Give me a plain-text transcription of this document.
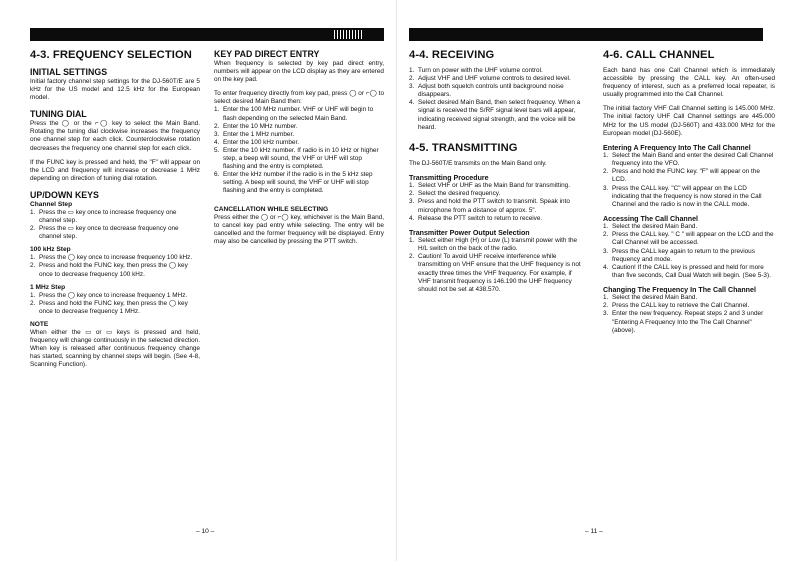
4-3. FREQUENCY SELECTION
INITIAL SETTINGS

Initial factory channel step settings for the DJ-560T/E are 5 kHz for the US model and 12.5 kHz for the European model.

TUNING DIAL

Press the ◯ or the ⌐◯ key to select the Main Band. Rotating the tuning dial clockwise increases the frequency one channel step for each click. Counterclockwise rotation decreases the frequency one channel step for each click.

If the FUNC key is pressed and held, the "F" will appear on the LCD and frequency will increase or decrease 1 MHz depending on direction of tuning dial rotation.

UP/DOWN KEYS
Channel Step
1. Press the ▭ key once to increase frequency one channel step.
2. Press the ▭ key once to decrease frequency one channel step.
100 kHz Step
1. Press the ◯ key once to increase frequency 100 kHz.
2. Press and hold the FUNC key, then press the ◯ key once to decrease frequency 100 kHz.
1 MHz Step
1. Press the ◯ key once to increase frequency 1 MHz.
2. Press and hold the FUNC key, then press the ◯ key once to decrease frequency 1 MHz.
NOTE

When either the ▭ or ▭ keys is pressed and held, frequency will change continuously in the selected direction. When key is released after continuous frequency change has started, scanning by channel steps will begin. (See 4-8, Scanning Function).

KEY PAD DIRECT ENTRY

When frequency is selected by key pad direct entry, numbers will appear on the LCD display as they are entered on the key pad.

To enter frequency directly from key pad, press ◯ or ⌐◯ to select desired Main Band then:

1. Enter the 100 MHz number. VHF or UHF will begin to flash depending on the selected Main Band.
2. Enter the 10 MHz number.
3. Enter the 1 MHz number.
4. Enter the 100 kHz number.
5. Enter the 10 kHz number. If radio is in 10 kHz or higher step, a beep will sound, the VHF or UHF will stop flashing and the entry is completed.
6. Enter the kHz number if the radio is in the 5 kHz step setting. A beep will sound, the VHF or UHF will stop flashing and the entry is completed.
CANCELLATION WHILE SELECTING

Press either the ◯ or ⌐◯ key, whichever is the Main Band, to cancel key pad entry while selecting. The entry will be cancelled and the former frequency will be displayed. Entry may also be cancelled by pressing the PTT switch.

– 10 –
4-4. RECEIVING
1. Turn on power with the UHF volume control.
2. Adjust VHF and UHF volume controls to desired level.
3. Adjust both squelch controls until background noise disappears.
4. Select desired Main Band, then select frequency. When a signal is received the S/RF signal level bars will appear, indicating received signal strength, and the voice will be heard.
4-5. TRANSMITTING

The DJ-560T/E transmits on the Main Band only.

Transmitting Procedure
1. Select VHF or UHF as the Main Band for transmitting.
2. Select the desired frequency.
3. Press and hold the PTT switch to transmit. Speak into microphone from a distance of approx. 5".
4. Release the PTT switch to return to receive.
Transmitter Power Output Selection
1. Select either High (H) or Low (L) transmit power with the H/L switch on the back of the radio.
2. Caution! To avoid UHF receive interference while transmitting on VHF ensure that the UHF frequency is not exactly three times the VHF frequency. For example, if VHF transmit frequency is 146.190 the UHF frequency should not be set at 438.570.
4-6. CALL CHANNEL

Each band has one Call Channel which is immediately accessible by pressing the CALL key. An often-used frequency of interest, such as a preferred local repeater, is usually programmed into the Call Channel.

The initial factory VHF Call Channel setting is 145.000 MHz. The initial factory UHF Call Channel settings are 445.000 MHz for the US model (DJ-560T) and 433.000 MHz for the European model (DJ-560E).

Entering A Frequency Into The Call Channel
1. Select the Main Band and enter the desired Call Channel frequency into the VFO.
2. Press and hold the FUNC key. "F" will appear on the LCD.
3. Press the CALL key. "C" will appear on the LCD indicating that the frequency is now stored in the Call Channel and the radio is now in the CALL mode.
Accessing The Call Channel
1. Select the desired Main Band.
2. Press the CALL key. " C " will appear on the LCD and the Call Channel will be accessed.
3. Press the CALL key again to return to the previous frequency and mode.
4. Caution! If the CALL key is pressed and held for more than five seconds, Call Dual Watch will begin. (See 5-3).
Changing The Frequency In The Call Channel
1. Select the desired Main Band.
2. Press the CALL key to retrieve the Call Channel.
3. Enter the new frequency. Repeat steps 2 and 3 under "Entering A Frequency Into the The Call Channel" (above).
– 11 –
